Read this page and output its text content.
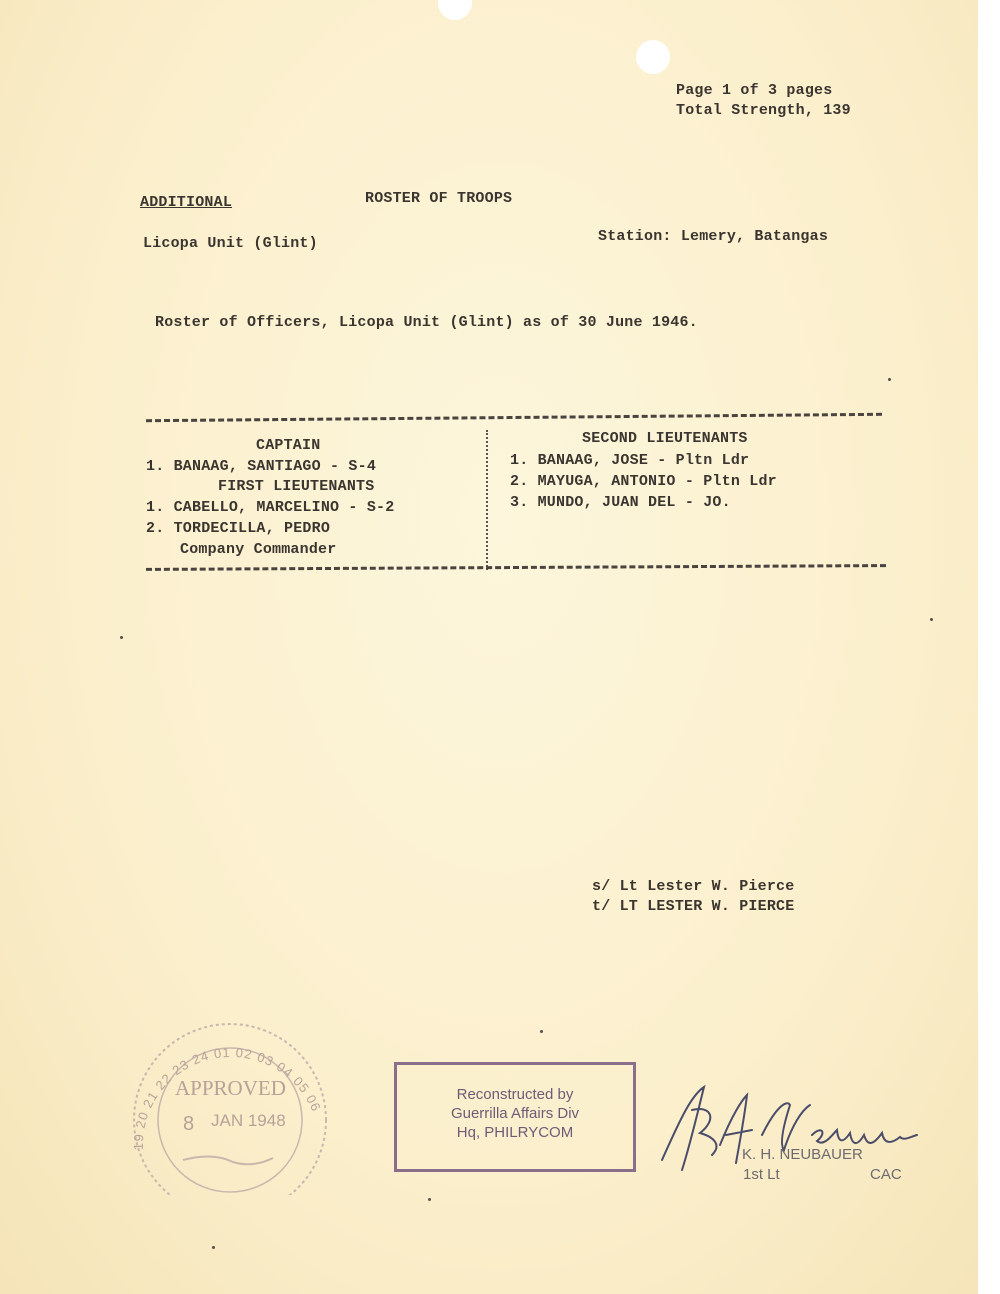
Page 1 of 3 pages
Total Strength, 139
ADDITIONAL	ROSTER OF TROOPS
Licopa Unit (Glint)	Station: Lemery, Batangas
Roster of Officers, Licopa Unit (Glint) as of 30 June 1946.
CAPTAIN
1. BANAAG, SANTIAGO - S-4
FIRST LIEUTENANTS
1. CABELLO, MARCELINO - S-2
2. TORDECILLA, PEDRO
Company Commander
SECOND LIEUTENANTS
1. BANAAG, JOSE - Pltn Ldr
2. MAYUGA, ANTONIO - Pltn Ldr
3. MUNDO, JUAN DEL - JO.
s/ Lt Lester W. Pierce
t/ LT LESTER W. PIERCE
19 20 21 22 23 24 01 02 03 04 05 06
APPROVED
8 JAN 1948
Reconstructed by
Guerrilla Affairs Div
Hq, PHILRYCOM
K. H. NEUBAUER
1st Lt	CAC
